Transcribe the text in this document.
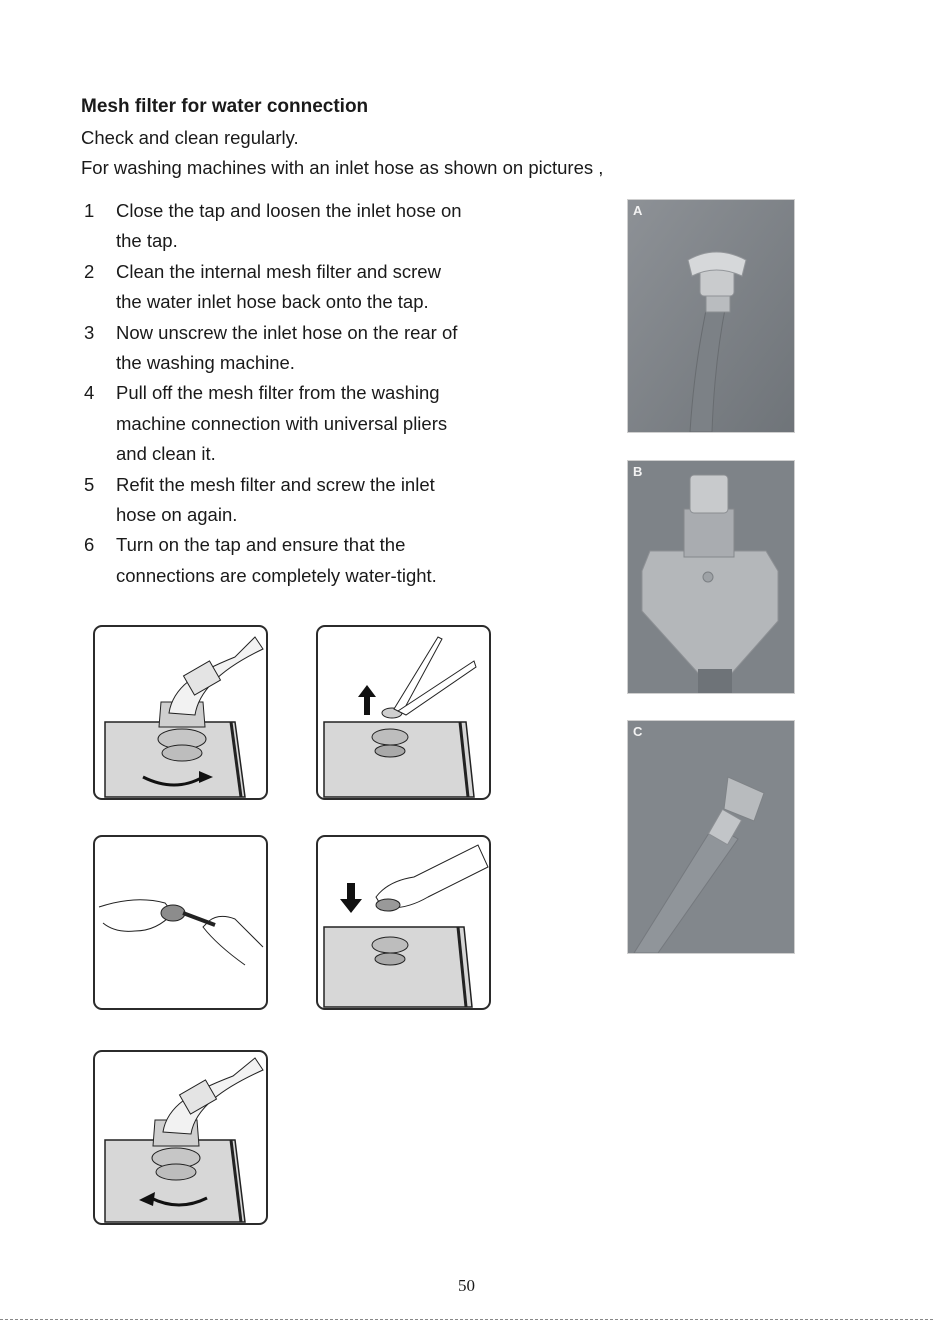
Mesh filter for water connection
Check and clean regularly.
For washing machines with an inlet hose as shown on pictures ,
1 Close the tap and loosen the inlet hose on
the tap.
2 Clean the internal mesh filter and screw
the water inlet hose back onto the tap.
3 Now unscrew the inlet hose on the rear of
the washing machine.
4 Pull off the mesh filter from the washing
machine connection with universal pliers
and clean it.
5 Refit the mesh filter and screw the inlet
hose on again.
6 Turn on the tap and ensure that the
connections are completely water-tight.
A
B
C
50
